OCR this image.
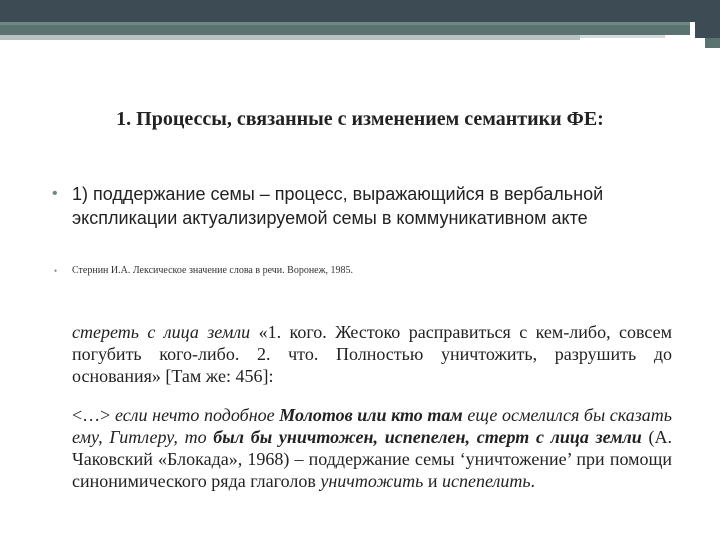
1. Процессы, связанные с изменением семантики ФЕ:
• 1) поддержание семы – процесс, выражающийся в вербальной экспликации актуализируемой семы в коммуникативном акте
• Стернин И.А. Лексическое значение слова в речи. Воронеж, 1985.
стереть с лица земли «1. кого. Жестоко расправиться с кем-либо, совсем погубить кого-либо. 2. что. Полностью уничтожить, разрушить до основания» [Там же: 456]:
<…> если нечто подобное Молотов или кто там еще осмелился бы сказать ему, Гитлеру, то был бы уничтожен, испепелен, стерт с лица земли (А. Чаковский «Блокада», 1968) – поддержание семы ‘уничтожение’ при помощи синонимического ряда глаголов уничтожить и испепелить.
